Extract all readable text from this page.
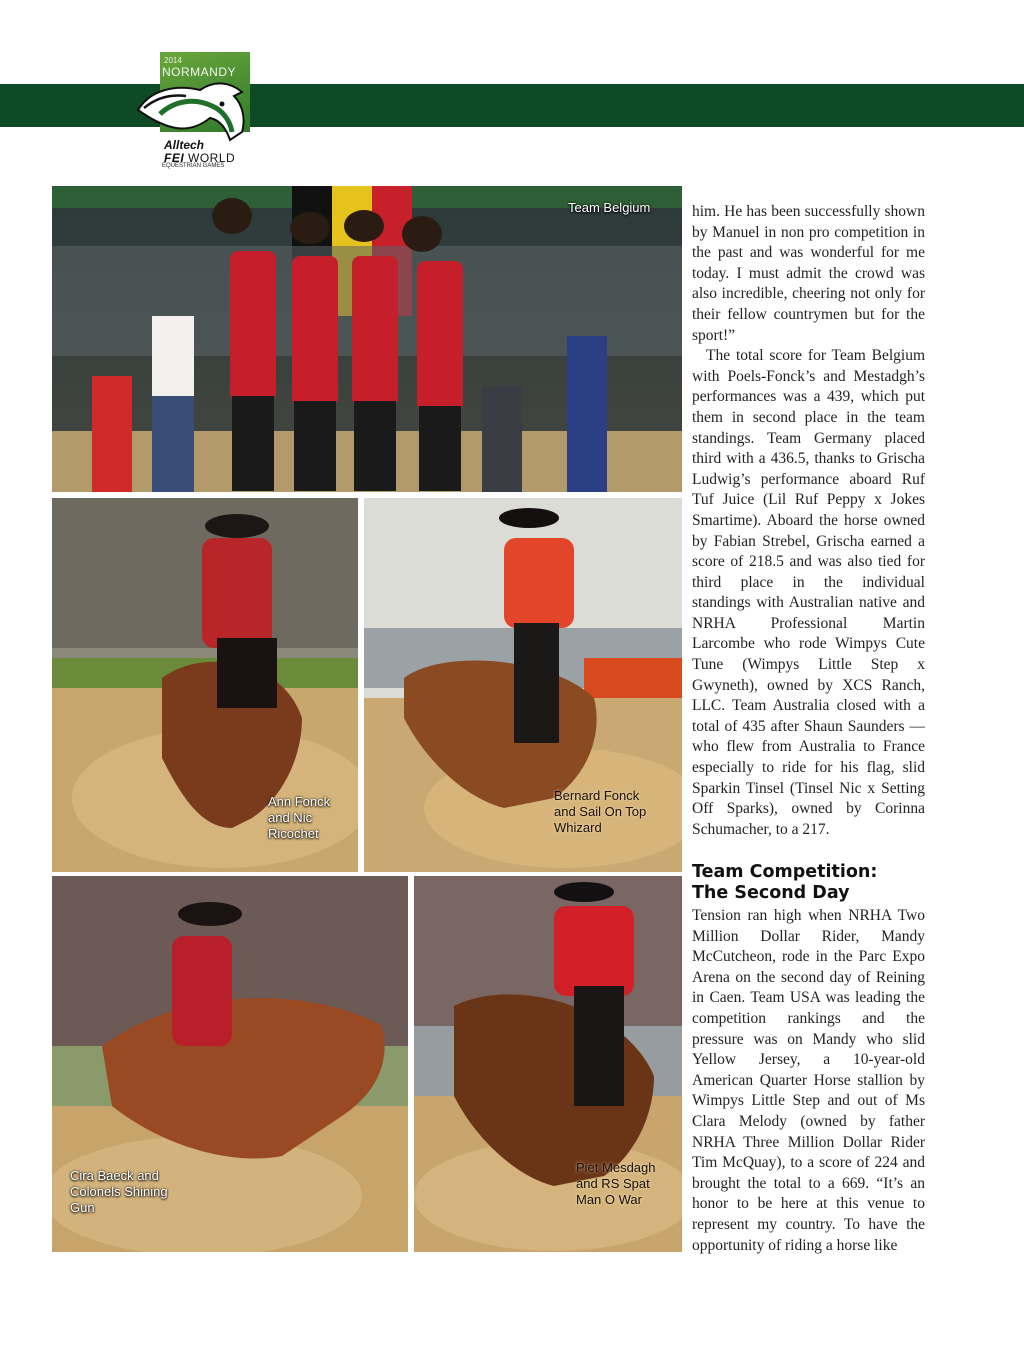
2014
NORMANDY
Alltech
FEI WORLD
EQUESTRIAN GAMES
Team Belgium
Ann Fonck
and Nic
Ricochet
Bernard Fonck
and Sail On Top
Whizard
Cira Baeck and
Colonels Shining
Gun
Piet Mesdagh
and RS Spat
Man O War

him. He has been successfully shown by Manuel in non pro competition in the past and was wonderful for me today. I must admit the crowd was also incredible, cheering not only for their fellow countrymen but for the sport!”

The total score for Team Belgium with Poels-Fonck’s and Mestadgh’s performances was a 439, which put them in second place in the team standings. Team Germany placed third with a 436.5, thanks to Grischa Ludwig’s performance aboard Ruf Tuf Juice (Lil Ruf Peppy x Jokes Smartime). Aboard the horse owned by Fabian Strebel, Grischa earned a score of 218.5 and was also tied for third place in the individual standings with Australian native and NRHA Professional Martin Larcombe who rode Wimpys Cute Tune (Wimpys Little Step x Gwyneth), owned by XCS Ranch, LLC. Team Australia closed with a total of 435 after Shaun Saunders — who flew from Australia to France especially to ride for his flag, slid Sparkin Tinsel (Tinsel Nic x Setting Off Sparks), owned by Corinna Schumacher, to a 217.

Team Competition:
The Second Day

Tension ran high when NRHA Two Million Dollar Rider, Mandy McCutcheon, rode in the Parc Expo Arena on the second day of Reining in Caen. Team USA was leading the competition rankings and the pressure was on Mandy who slid Yellow Jersey, a 10-year-old American Quarter Horse stallion by Wimpys Little Step and out of Ms Clara Melody (owned by father NRHA Three Million Dollar Rider Tim McQuay), to a score of 224 and brought the total to a 669. “It’s an honor to be here at this venue to represent my country. To have the opportunity of riding a horse like
